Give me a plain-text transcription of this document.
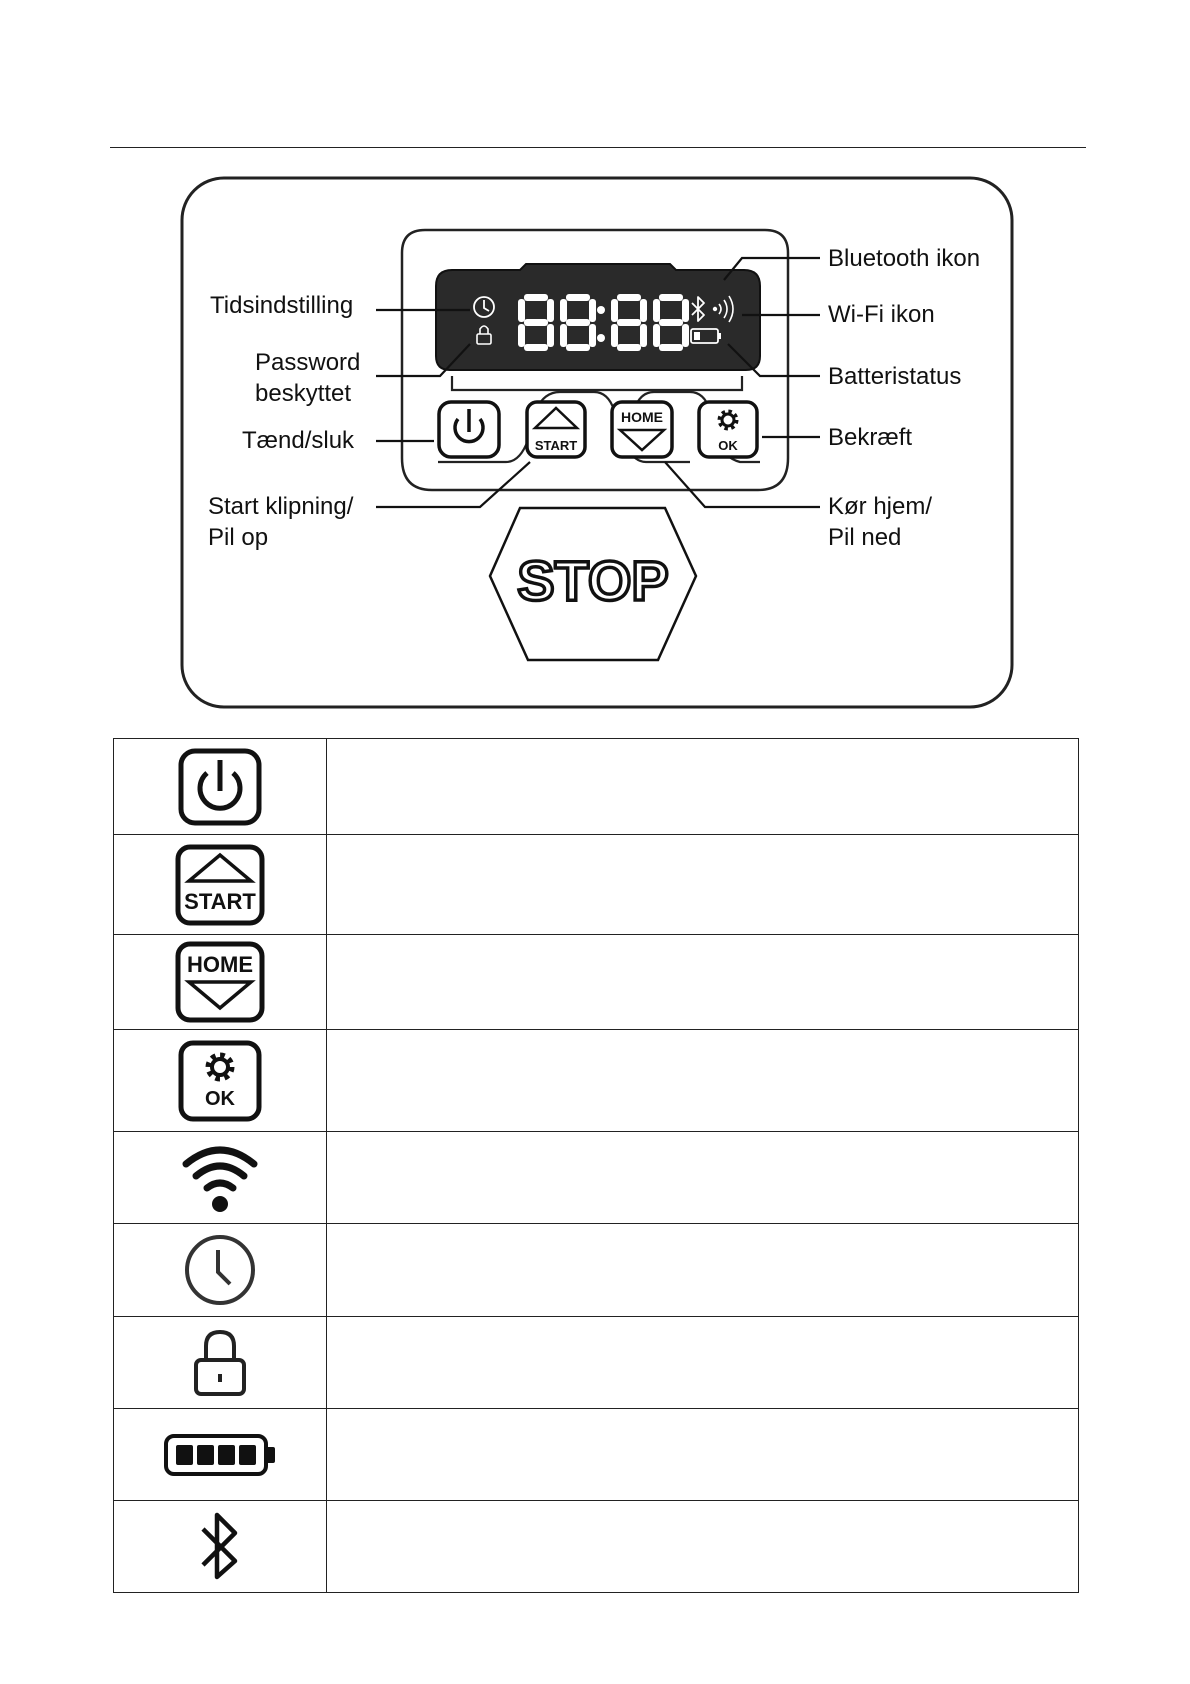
START
HOME
OK
STOP
Tidsindstilling
Password
beskyttet
Tænd/sluk
Start klipning/
Pil op
Bluetooth ikon
Wi-Fi ikon
Batteristatus
Bekræft
Kør hjem/
Pil ned

START	

HOME	

OK	
